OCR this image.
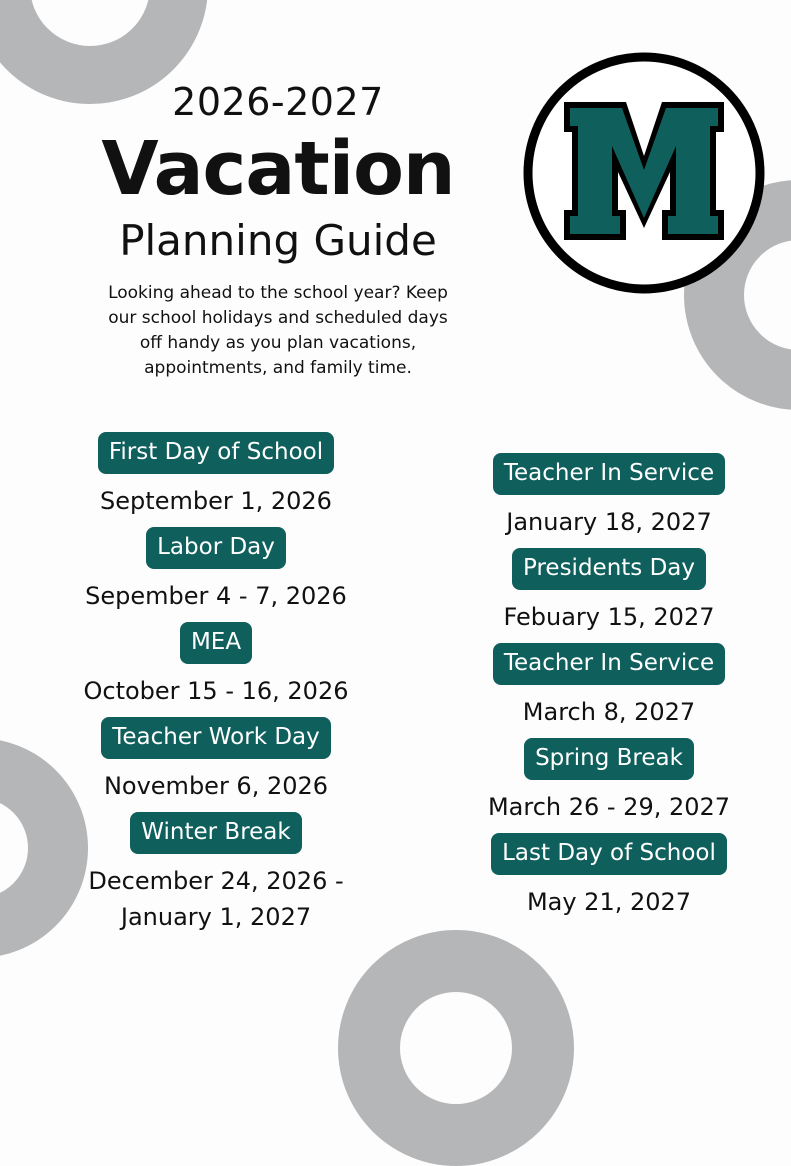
2026-2027
Vacation
Planning Guide
Looking ahead to the school year? Keep our school holidays and scheduled days off handy as you plan vacations, appointments, and family time.
First Day of School
September 1, 2026
Labor Day
Sepember 4 - 7, 2026
MEA
October 15 - 16, 2026
Teacher Work Day
November 6, 2026
Winter Break
December 24, 2026 - January 1, 2027
Teacher In Service
January 18, 2027
Presidents Day
Febuary 15, 2027
Teacher In Service
March 8, 2027
Spring Break
March 26 - 29, 2027
Last Day of School
May 21, 2027
